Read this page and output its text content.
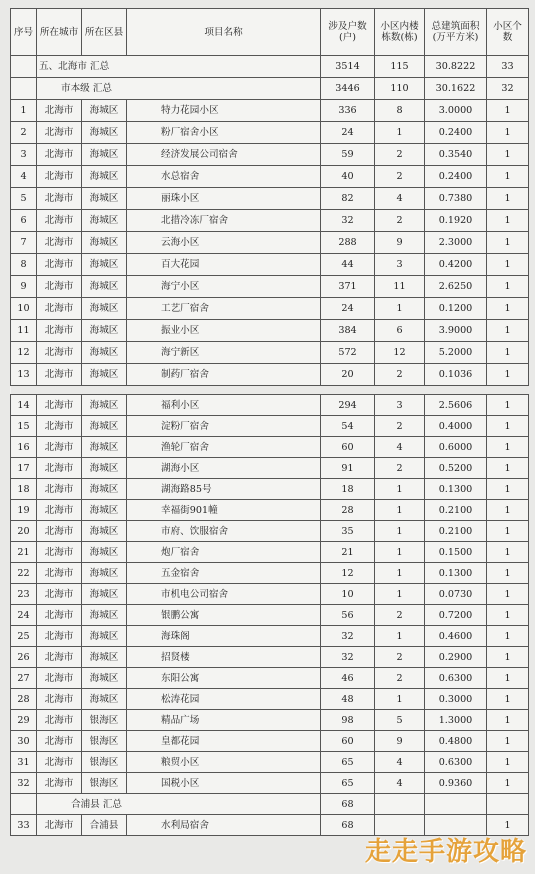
序号	所在城市	所在区县	项目名称	涉及户数(户)	小区内楼栋数(栋)	总建筑面积(万平方米)	小区个数
	五、北海市 汇总			3514	115	30.8222	33
	市本级 汇总			3446	110	30.1622	32
1	北海市	海城区	特力花园小区	336	8	3.0000	1
2	北海市	海城区	粉厂宿舍小区	24	1	0.2400	1
3	北海市	海城区	经济发展公司宿舍	59	2	0.3540	1
4	北海市	海城区	水总宿舍	40	2	0.2400	1
5	北海市	海城区	丽珠小区	82	4	0.7380	1
6	北海市	海城区	北措冷冻厂宿舍	32	2	0.1920	1
7	北海市	海城区	云海小区	288	9	2.3000	1
8	北海市	海城区	百大花园	44	3	0.4200	1
9	北海市	海城区	海宁小区	371	11	2.6250	1
10	北海市	海城区	工艺厂宿舍	24	1	0.1200	1
11	北海市	海城区	振业小区	384	6	3.9000	1
12	北海市	海城区	海宁新区	572	12	5.2000	1
13	北海市	海城区	制药厂宿舍	20	2	0.1036	1

14	北海市	海城区	福利小区	294	3	2.5606	1
15	北海市	海城区	淀粉厂宿舍	54	2	0.4000	1
16	北海市	海城区	渔轮厂宿舍	60	4	0.6000	1
17	北海市	海城区	湖海小区	91	2	0.5200	1
18	北海市	海城区	湖海路85号	18	1	0.1300	1
19	北海市	海城区	幸福街901幢	28	1	0.2100	1
20	北海市	海城区	市府、饮服宿舍	35	1	0.2100	1
21	北海市	海城区	炮厂宿舍	21	1	0.1500	1
22	北海市	海城区	五金宿舍	12	1	0.1300	1
23	北海市	海城区	市机电公司宿舍	10	1	0.0730	1
24	北海市	海城区	银鹏公寓	56	2	0.7200	1
25	北海市	海城区	海珠阁	32	1	0.4600	1
26	北海市	海城区	招贤楼	32	2	0.2900	1
27	北海市	海城区	东阳公寓	46	2	0.6300	1
28	北海市	海城区	松涛花园	48	1	0.3000	1
29	北海市	银海区	精品广场	98	5	1.3000	1
30	北海市	银海区	皇都花园	60	9	0.4800	1
31	北海市	银海区	粮贸小区	65	4	0.6300	1
32	北海市	银海区	国税小区	65	4	0.9360	1
	合浦县 汇总			68			
33	北海市	合浦县	水利局宿舍	68			1
走走手游攻略
